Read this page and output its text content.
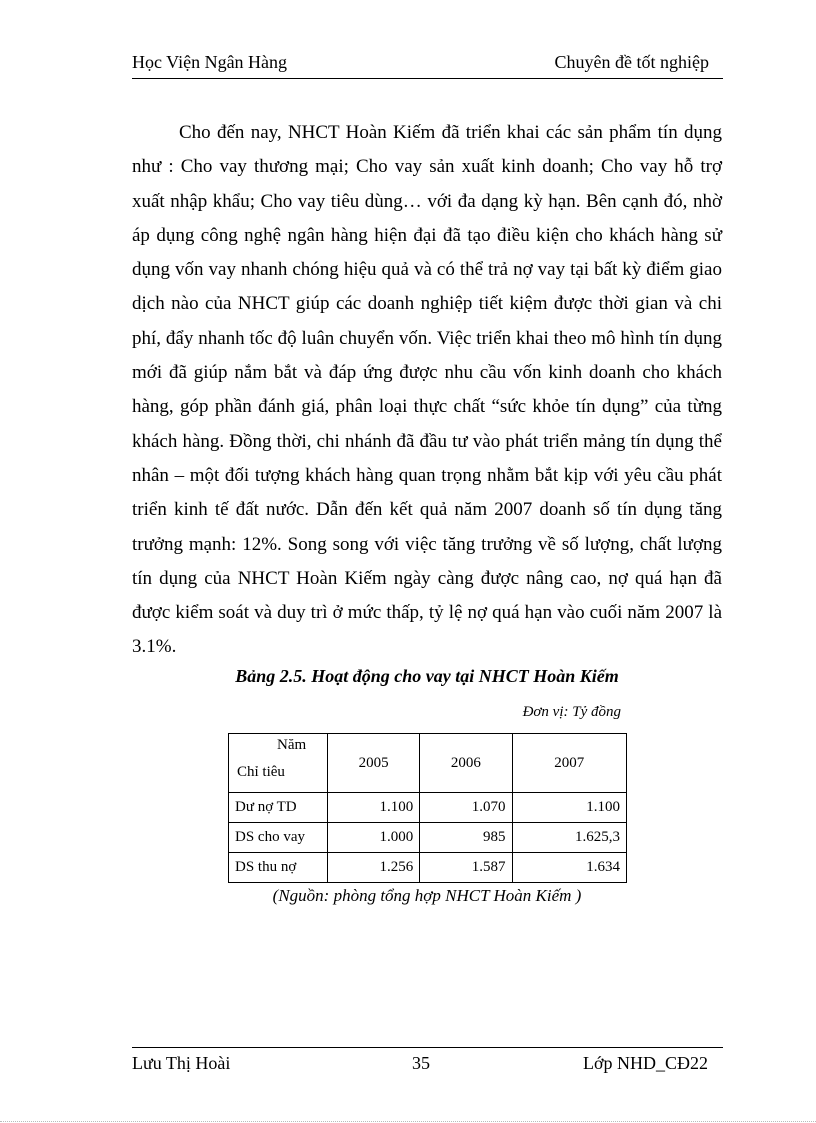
Học Viện Ngân Hàng	Chuyên đề tốt nghiệp

Cho đến nay, NHCT Hoàn Kiếm đã triển khai các sản phẩm tín dụng như : Cho vay thương mại; Cho vay sản xuất kinh doanh; Cho vay hỗ trợ xuất nhập khẩu; Cho vay tiêu dùng… với đa dạng kỳ hạn. Bên cạnh đó, nhờ áp dụng công nghệ ngân hàng hiện đại đã tạo điều kiện cho khách hàng sử dụng vốn vay nhanh chóng hiệu quả và có thể trả nợ vay tại bất kỳ điểm giao dịch nào của NHCT giúp các doanh nghiệp tiết kiệm được thời gian và chi phí, đẩy nhanh tốc độ luân chuyển vốn. Việc triển khai theo mô hình tín dụng mới đã giúp nắm bắt và đáp ứng được nhu cầu vốn kinh doanh cho khách hàng, góp phần đánh giá, phân loại thực chất “sức khỏe tín dụng” của từng khách hàng. Đồng thời, chi nhánh đã đầu tư vào phát triển mảng tín dụng thể nhân – một đối tượng khách hàng quan trọng nhằm bắt kịp với yêu cầu phát triển kinh tế đất nước. Dẫn đến kết quả năm 2007 doanh số tín dụng tăng trưởng mạnh: 12%. Song song với việc tăng trưởng về số lượng, chất lượng tín dụng của NHCT Hoàn Kiếm ngày càng được nâng cao, nợ quá hạn đã được kiểm soát và duy trì ở mức thấp, tỷ lệ nợ quá hạn vào cuối năm 2007 là 3.1%.

Bảng 2.5. Hoạt động cho vay tại NHCT Hoàn Kiếm
Đơn vị: Tỷ đồng
Năm
Chỉ tiêu	2005	2006	2007
Dư nợ TD	1.100	1.070	1.100
DS cho vay	1.000	985	1.625,3
DS thu nợ	1.256	1.587	1.634
(Nguồn: phòng tổng hợp NHCT Hoàn Kiếm )
Lưu Thị Hoài	35	Lớp NHD_CĐ22
